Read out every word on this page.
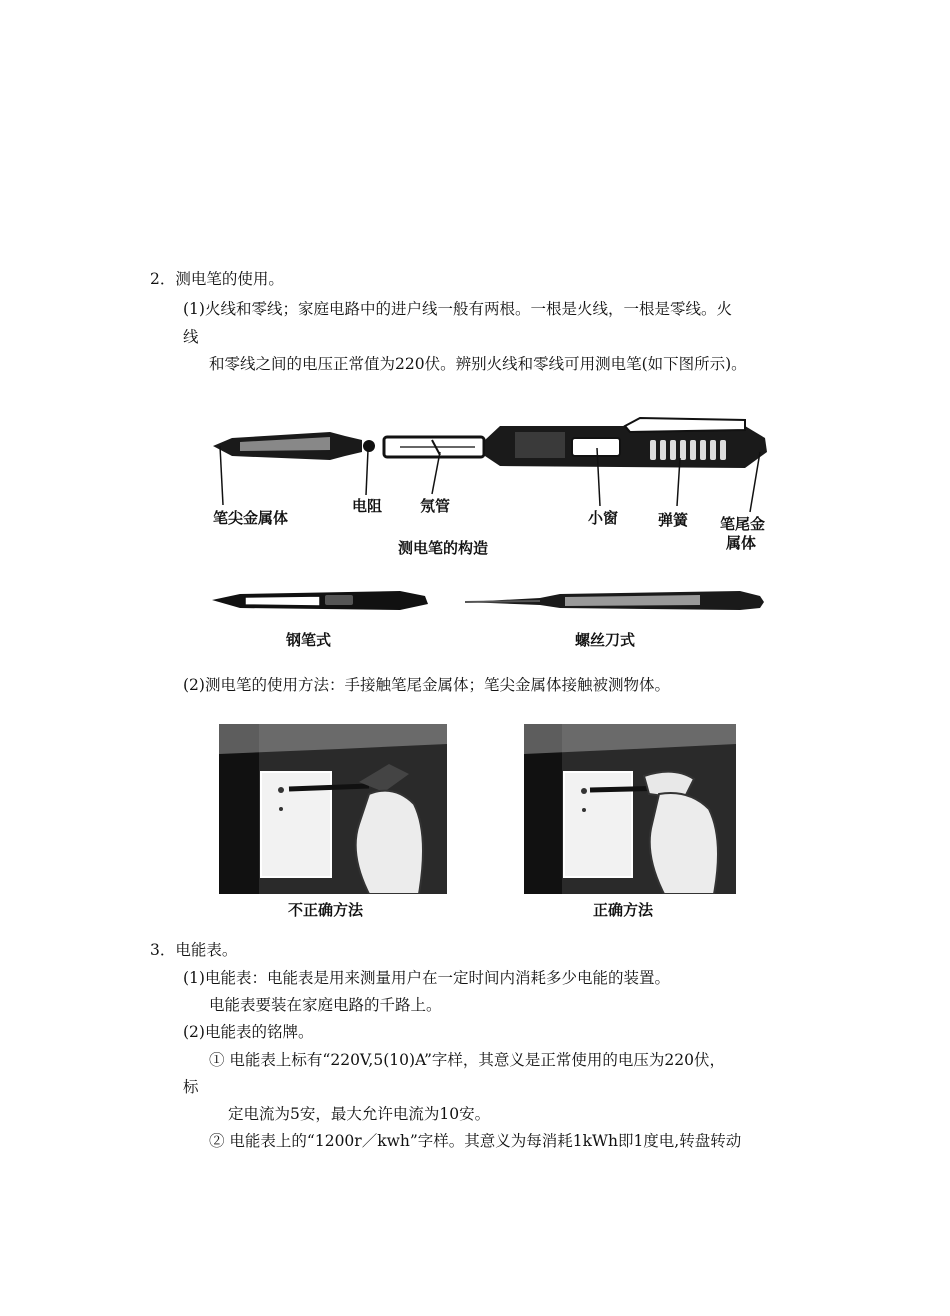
2．测电笔的使用。
(1)火线和零线；家庭电路中的进户线一般有两根。一根是火线，一根是零线。火
线
和零线之间的电压正常值为220伏。辨别火线和零线可用测电笔(如下图所示)。
笔尖金属体
电阻	氖管
小窗	弹簧	笔尾金
属体
测电笔的构造
钢笔式	螺丝刀式
(2)测电笔的使用方法：手接触笔尾金属体；笔尖金属体接触被测物体。
不正确方法	正确方法
3．电能表。
(1)电能表：电能表是用来测量用户在一定时间内消耗多少电能的装置。
电能表要装在家庭电路的千路上。
(2)电能表的铭牌。
① 电能表上标有“220V,5(10)A”字样，其意义是正常使用的电压为220伏，
标
定电流为5安，最大允许电流为10安。
② 电能表上的“1200r／kwh”字样。其意义为每消耗1kWh即1度电,转盘转动
